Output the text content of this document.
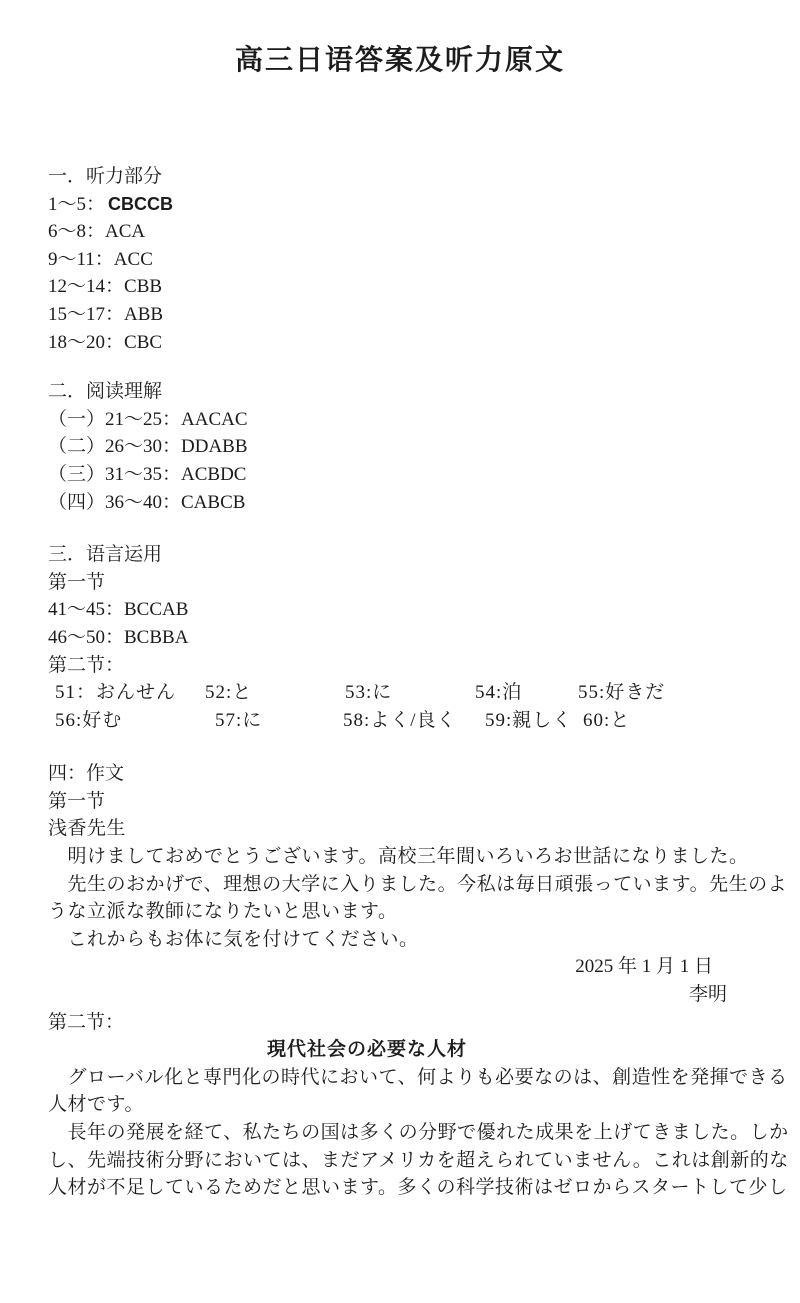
高三日语答案及听力原文
一．听力部分
1～5： CBCCB
6～8：ACA
9～11：ACC
12～14：CBB
15～17：ABB
18～20：CBC
二．阅读理解
（一）21～25：AACAC
（二）26～30：DDABB
（三）31～35：ACBDC
（四）36～40：CABCB
三．语言运用
第一节
41～45：BCCAB
46～50：BCBBA
第二节：
51：おんせん 52:と	53:に	54:泊	55:好きだ
56:好む	57:に	58:よく/良く 59:親しく 60:と
四：作文
第一节
浅香先生
　明けましておめでとうございます。高校三年間いろいろお世話になりました。
　先生のおかげで、理想の大学に入りました。今私は毎日頑張っています。先生のよ
うな立派な教師になりたいと思います。
　これからもお体に気を付けてください。
2025 年 1 月 1 日
李明
第二节：
現代社会の必要な人材
　グローバル化と専門化の時代において、何よりも必要なのは、創造性を発揮できる
人材です。
　長年の発展を経て、私たちの国は多くの分野で優れた成果を上げてきました。しか
し、先端技術分野においては、まだアメリカを超えられていません。これは創新的な
人材が不足しているためだと思います。多くの科学技術はゼロからスタートして少し
